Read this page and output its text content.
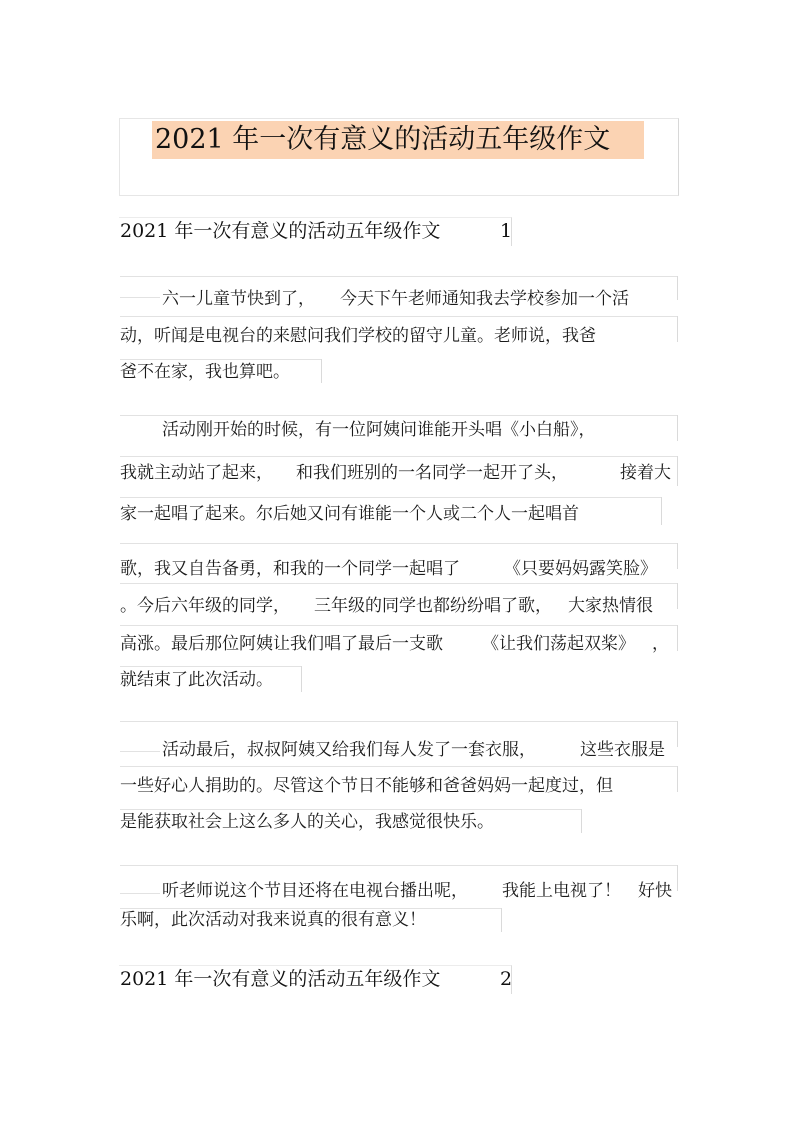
2021 年一次有意义的活动五年级作文
2021 年一次有意义的活动五年级作文	1
六一儿童节快到了， 今天下午老师通知我去学校参加一个活
动，听闻是电视台的来慰问我们学校的留守儿童。老师说，我爸
爸不在家，我也算吧。
活动刚开始的时候，有一位阿姨问谁能开头唱《小白船》，
我就主动站了起来， 和我们班别的一名同学一起开了头，	接着大
家一起唱了起来。尔后她又问有谁能一个人或二个人一起唱首
歌，我又自告备勇，和我的一个同学一起唱了	《只要妈妈露笑脸》
。今后六年级的同学， 三年级的同学也都纷纷唱了歌， 大家热情很
高涨。最后那位阿姨让我们唱了最后一支歌 《让我们荡起双桨》 ，
就结束了此次活动。
活动最后，叔叔阿姨又给我们每人发了一套衣服，	这些衣服是
一些好心人捐助的。尽管这个节日不能够和爸爸妈妈一起度过，但
是能获取社会上这么多人的关心，我感觉很快乐。
听老师说这个节目还将在电视台播出呢， 我能上电视了！ 好快
乐啊，此次活动对我来说真的很有意义！
2021 年一次有意义的活动五年级作文	2
